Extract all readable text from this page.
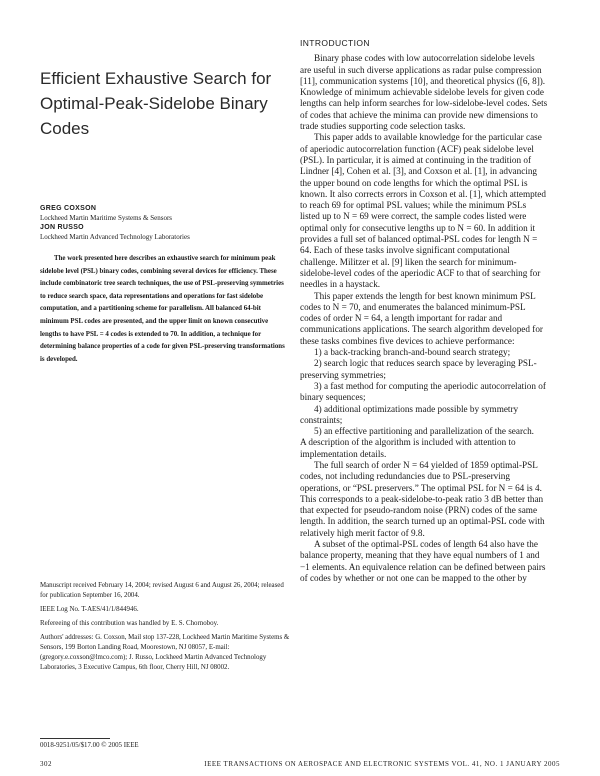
Efficient Exhaustive Search for Optimal-Peak-Sidelobe Binary Codes
GREG COXSON
Lockheed Martin Maritime Systems & Sensors
JON RUSSO
Lockheed Martin Advanced Technology Laboratories

The work presented here describes an exhaustive search for minimum peak sidelobe level (PSL) binary codes, combining several devices for efficiency. These include combinatoric tree search techniques, the use of PSL-preserving symmetries to reduce search space, data representations and operations for fast sidelobe computation, and a partitioning scheme for parallelism. All balanced 64-bit minimum PSL codes are presented, and the upper limit on known consecutive lengths to have PSL = 4 codes is extended to 70. In addition, a technique for determining balance properties of a code for given PSL-preserving transformations is developed.

Manuscript received February 14, 2004; revised August 6 and August 26, 2004; released for publication September 16, 2004.

IEEE Log No. T-AES/41/1/844946.

Refereeing of this contribution was handled by E. S. Chornoboy.

Authors' addresses: G. Coxson, Mail stop 137-228, Lockheed Martin Maritime Systems & Sensors, 199 Borton Landing Road, Moorestown, NJ 08057, E-mail: (gregory.e.coxson@lmco.com); J. Russo, Lockheed Martin Advanced Technology Laboratories, 3 Executive Campus, 6th floor, Cherry Hill, NJ 08002.

0018-9251/05/$17.00 © 2005 IEEE
INTRODUCTION

Binary phase codes with low autocorrelation sidelobe levels are useful in such diverse applications as radar pulse compression [11], communication systems [10], and theoretical physics ([6, 8]). Knowledge of minimum achievable sidelobe levels for given code lengths can help inform searches for low-sidelobe-level codes. Sets of codes that achieve the minima can provide new dimensions to trade studies supporting code selection tasks.

This paper adds to available knowledge for the particular case of aperiodic autocorrelation function (ACF) peak sidelobe level (PSL). In particular, it is aimed at continuing in the tradition of Lindner [4], Cohen et al. [3], and Coxson et al. [1], in advancing the upper bound on code lengths for which the optimal PSL is known. It also corrects errors in Coxson et al. [1], which attempted to reach 69 for optimal PSL values; while the minimum PSLs listed up to N = 69 were correct, the sample codes listed were optimal only for consecutive lengths up to N = 60. In addition it provides a full set of balanced optimal-PSL codes for length N = 64. Each of these tasks involve significant computational challenge. Militzer et al. [9] liken the search for minimum-sidelobe-level codes of the aperiodic ACF to that of searching for needles in a haystack.

This paper extends the length for best known minimum PSL codes to N = 70, and enumerates the balanced minimum-PSL codes of order N = 64, a length important for radar and communications applications. The search algorithm developed for these tasks combines five devices to achieve performance:

1) a back-tracking branch-and-bound search strategy;

2) search logic that reduces search space by leveraging PSL-preserving symmetries;

3) a fast method for computing the aperiodic autocorrelation of binary sequences;

4) additional optimizations made possible by symmetry constraints;

5) an effective partitioning and parallelization of the search.

A description of the algorithm is included with attention to implementation details.

The full search of order N = 64 yielded of 1859 optimal-PSL codes, not including redundancies due to PSL-preserving operations, or “PSL preservers.” The optimal PSL for N = 64 is 4. This corresponds to a peak-sidelobe-to-peak ratio 3 dB better than that expected for pseudo-random noise (PRN) codes of the same length. In addition, the search turned up an optimal-PSL code with relatively high merit factor of 9.8.

A subset of the optimal-PSL codes of length 64 also have the balance property, meaning that they have equal numbers of 1 and −1 elements. An equivalence relation can be defined between pairs of codes by whether or not one can be mapped to the other by

302	IEEE TRANSACTIONS ON AEROSPACE AND ELECTRONIC SYSTEMS VOL. 41, NO. 1 JANUARY 2005
